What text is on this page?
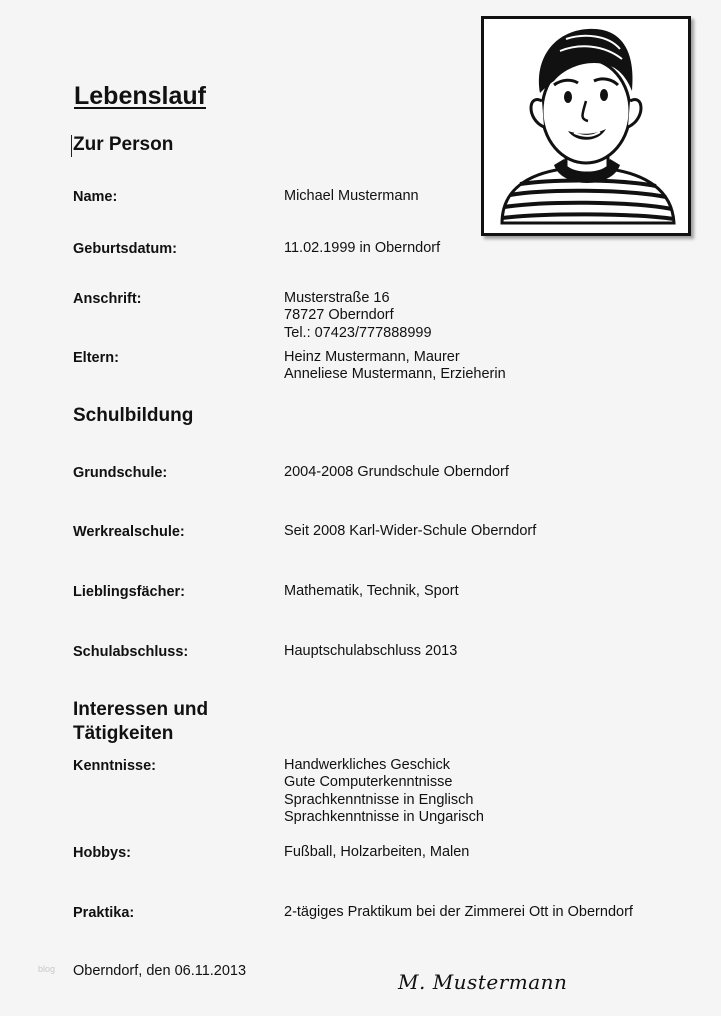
Lebenslauf
Zur Person
Name:	Michael Mustermann
Geburtsdatum:	11.02.1999 in Oberndorf
Anschrift:	Musterstraße 16
78727 Oberndorf
Tel.: 07423/777888999
Eltern:	Heinz Mustermann, Maurer
Anneliese Mustermann, Erzieherin
Schulbildung
Grundschule:	2004-2008 Grundschule Oberndorf
Werkrealschule:	Seit 2008 Karl-Wider-Schule Oberndorf
Lieblingsfächer:	Mathematik, Technik, Sport
Schulabschluss:	Hauptschulabschluss 2013
Interessen und
Tätigkeiten
Kenntnisse:	Handwerkliches Geschick
Gute Computerkenntnisse
Sprachkenntnisse in Englisch
Sprachkenntnisse in Ungarisch
Hobbys:	Fußball, Holzarbeiten, Malen
Praktika:	2-tägiges Praktikum bei der Zimmerei Ott in Oberndorf
blog Oberndorf, den 06.11.2013	M. Mustermann
